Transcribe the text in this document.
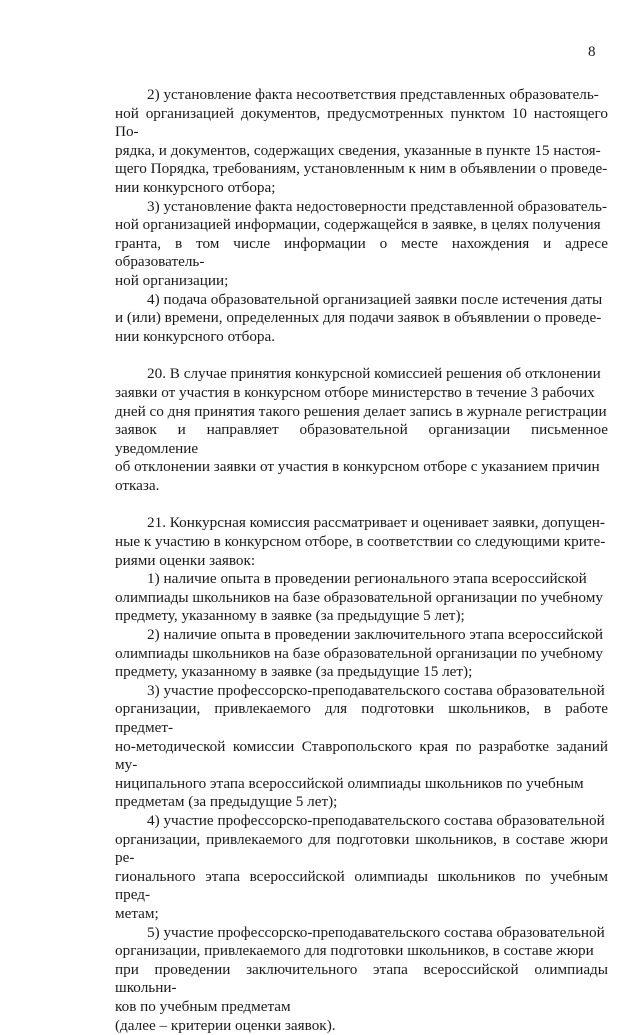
8

2) установление факта несоответствия представленных образователь-
ной организацией документов, предусмотренных пунктом 10 настоящего По-
рядка, и документов, содержащих сведения, указанные в пункте 15 настоя-
щего Порядка, требованиям, установленным к ним в объявлении о проведе-
нии конкурсного отбора;

3) установление факта недостоверности представленной образователь-
ной организацией информации, содержащейся в заявке, в целях получения
гранта, в том числе информации о месте нахождения и адресе образователь-
ной организации;

4) подача образовательной организацией заявки после истечения даты
и (или) времени, определенных для подачи заявок в объявлении о проведе-
нии конкурсного отбора.

20. В случае принятия конкурсной комиссией решения об отклонении
заявки от участия в конкурсном отборе министерство в течение 3 рабочих
дней со дня принятия такого решения делает запись в журнале регистрации
заявок и направляет образовательной организации письменное уведомление
об отклонении заявки от участия в конкурсном отборе с указанием причин
отказа.

21. Конкурсная комиссия рассматривает и оценивает заявки, допущен-
ные к участию в конкурсном отборе, в соответствии со следующими крите-
риями оценки заявок:

1) наличие опыта в проведении регионального этапа всероссийской
олимпиады школьников на базе образовательной организации по учебному
предмету, указанному в заявке (за предыдущие 5 лет);

2) наличие опыта в проведении заключительного этапа всероссийской
олимпиады школьников на базе образовательной организации по учебному
предмету, указанному в заявке (за предыдущие 15 лет);

3) участие профессорско-преподавательского состава образовательной
организации, привлекаемого для подготовки школьников, в работе предмет-
но-методической комиссии Ставропольского края по разработке заданий му-
ниципального этапа всероссийской олимпиады школьников по учебным
предметам (за предыдущие 5 лет);

4) участие профессорско-преподавательского состава образовательной
организации, привлекаемого для подготовки школьников, в составе жюри ре-
гионального этапа всероссийской олимпиады школьников по учебным пред-
метам;

5) участие профессорско-преподавательского состава образовательной
организации, привлекаемого для подготовки школьников, в составе жюри
при проведении заключительного этапа всероссийской олимпиады школьни-
ков по учебным предметам

(далее – критерии оценки заявок).
